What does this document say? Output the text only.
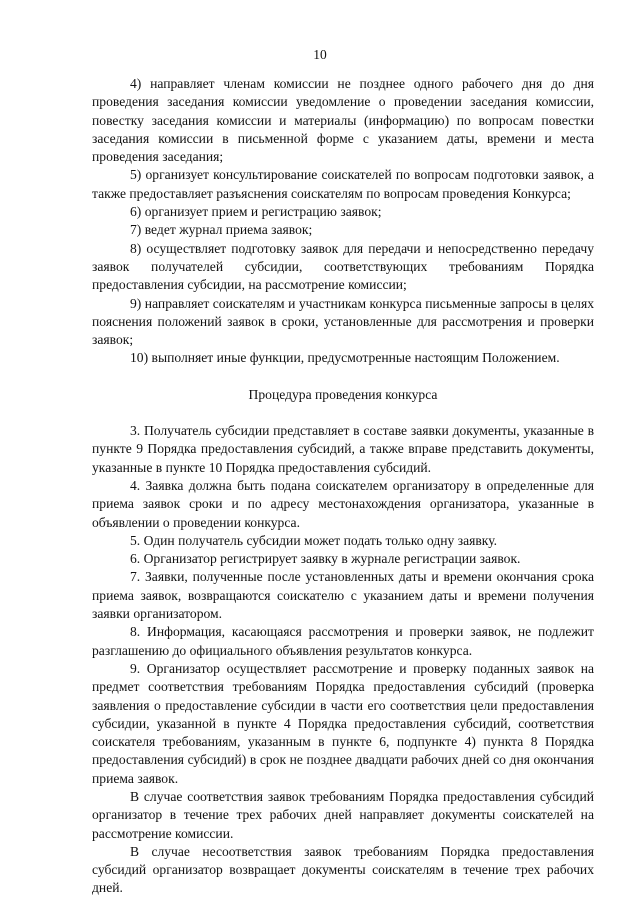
10

4) направляет членам комиссии не позднее одного рабочего дня до дня проведения заседания комиссии уведомление о проведении заседания комиссии, повестку заседания комиссии и материалы (информацию) по вопросам повестки заседания комиссии в письменной форме с указанием даты, времени и места проведения заседания;

5) организует консультирование соискателей по вопросам подготовки заявок, а также предоставляет разъяснения соискателям по вопросам проведения Конкурса;

6) организует прием и регистрацию заявок;

7) ведет журнал приема заявок;

8) осуществляет подготовку заявок для передачи и непосредственно передачу заявок получателей субсидии, соответствующих требованиям Порядка предоставления субсидии, на рассмотрение комиссии;

9) направляет соискателям и участникам конкурса письменные запросы в целях пояснения положений заявок в сроки, установленные для рассмотрения и проверки заявок;

10) выполняет иные функции, предусмотренные настоящим Положением.

Процедура проведения конкурса

3. Получатель субсидии представляет в составе заявки документы, указанные в пункте 9 Порядка предоставления субсидий, а также вправе представить документы, указанные в пункте 10 Порядка предоставления субсидий.

4. Заявка должна быть подана соискателем организатору в определенные для приема заявок сроки и по адресу местонахождения организатора, указанные в объявлении о проведении конкурса.

5. Один получатель субсидии может подать только одну заявку.

6. Организатор регистрирует заявку в журнале регистрации заявок.

7. Заявки, полученные после установленных даты и времени окончания срока приема заявок, возвращаются соискателю с указанием даты и времени получения заявки организатором.

8. Информация, касающаяся рассмотрения и проверки заявок, не подлежит разглашению до официального объявления результатов конкурса.

9. Организатор осуществляет рассмотрение и проверку поданных заявок на предмет соответствия требованиям Порядка предоставления субсидий (проверка заявления о предоставление субсидии в части его соответствия цели предоставления субсидии, указанной в пункте 4 Порядка предоставления субсидий, соответствия соискателя требованиям, указанным в пункте 6, подпункте 4) пункта 8 Порядка предоставления субсидий) в срок не позднее двадцати рабочих дней со дня окончания приема заявок.

В случае соответствия заявок требованиям Порядка предоставления субсидий организатор в течение трех рабочих дней направляет документы соискателей на рассмотрение комиссии.

В случае несоответствия заявок требованиям Порядка предоставления субсидий организатор возвращает документы соискателям в течение трех рабочих дней.
